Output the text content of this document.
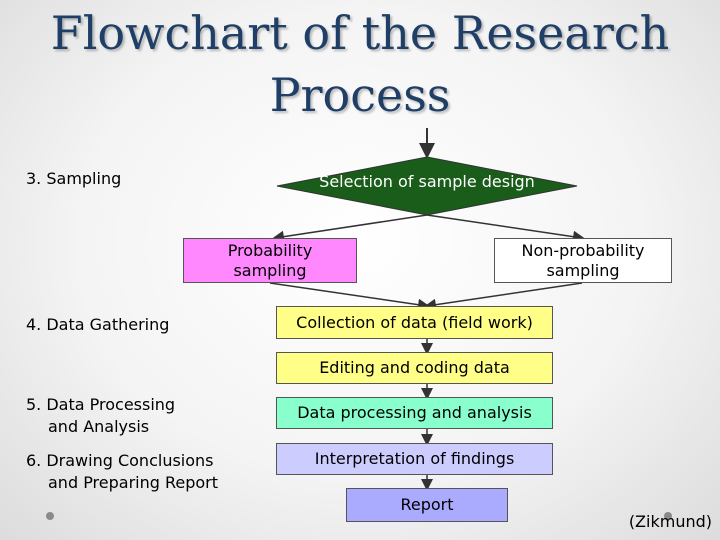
Flowchart of the Research
Process
Selection of sample design
3. Sampling
4. Data Gathering
5. Data Processing
and Analysis
6. Drawing Conclusions
and Preparing Report
Probability
sampling
Non-probability
sampling
Collection of data (field work)
Editing and coding data
Data processing and analysis
Interpretation of findings
Report
(Zikmund)
